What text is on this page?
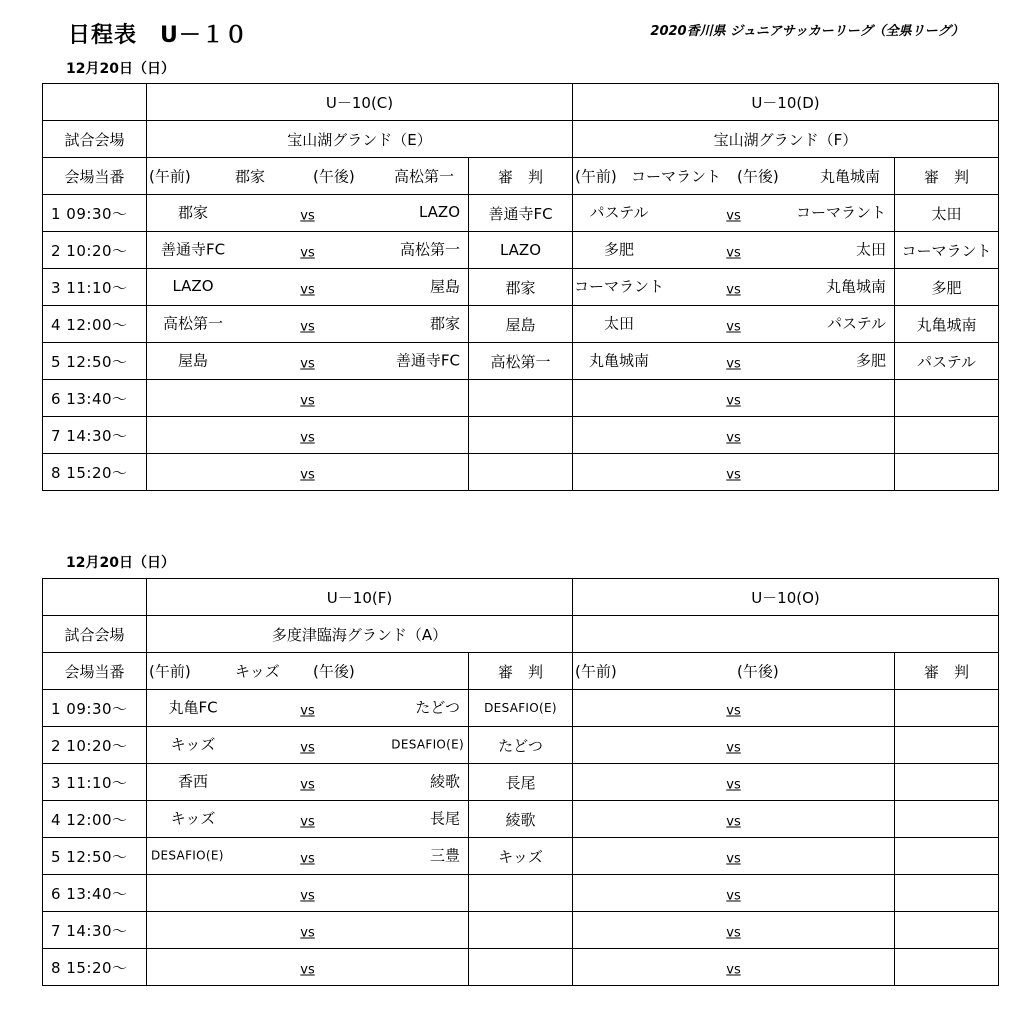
日程表　U－１０	2020香川県 ジュニアサッカーリーグ（全県リーグ）
12月20日（日）
	U－10(C)		U－10(D)	
試合会場	宝山湖グランド（E）		宝山湖グランド（F）	
会場当番	(午前) 郡家 (午後) 高松第一	審　判	(午前) コーマラント (午後) 丸亀城南	審　判
1 09:30～	郡家 vs LAZO	善通寺FC	パステル vs コーマラント	太田
2 10:20～	善通寺FC vs 高松第一	LAZO	多肥 vs 太田	コーマラント
3 11:10～	LAZO vs 屋島	郡家	コーマラント vs 丸亀城南	多肥
4 12:00～	高松第一 vs 郡家	屋島	太田 vs パステル	丸亀城南
5 12:50～	屋島 vs 善通寺FC	高松第一	丸亀城南 vs 多肥	パステル
6 13:40～	vs		vs	

7 14:30～	vs		vs	

8 15:20～	vs		vs	

12月20日（日）
	U－10(F)		U－10(O)	
試合会場	多度津臨海グランド（A）			
会場当番	(午前) キッズ (午後)	審　判	(午前) (午後)	審　判
1 09:30～	丸亀FC vs たどつ	DESAFIO(E)	vs	

2 10:20～	キッズ vs DESAFIO(E)	たどつ	vs	

3 11:10～	香西 vs 綾歌	長尾	vs	

4 12:00～	キッズ vs 長尾	綾歌	vs	

5 12:50～	DESAFIO(E) vs 三豊	キッズ	vs	

6 13:40～	vs		vs	

7 14:30～	vs		vs	

8 15:20～	vs		vs	
